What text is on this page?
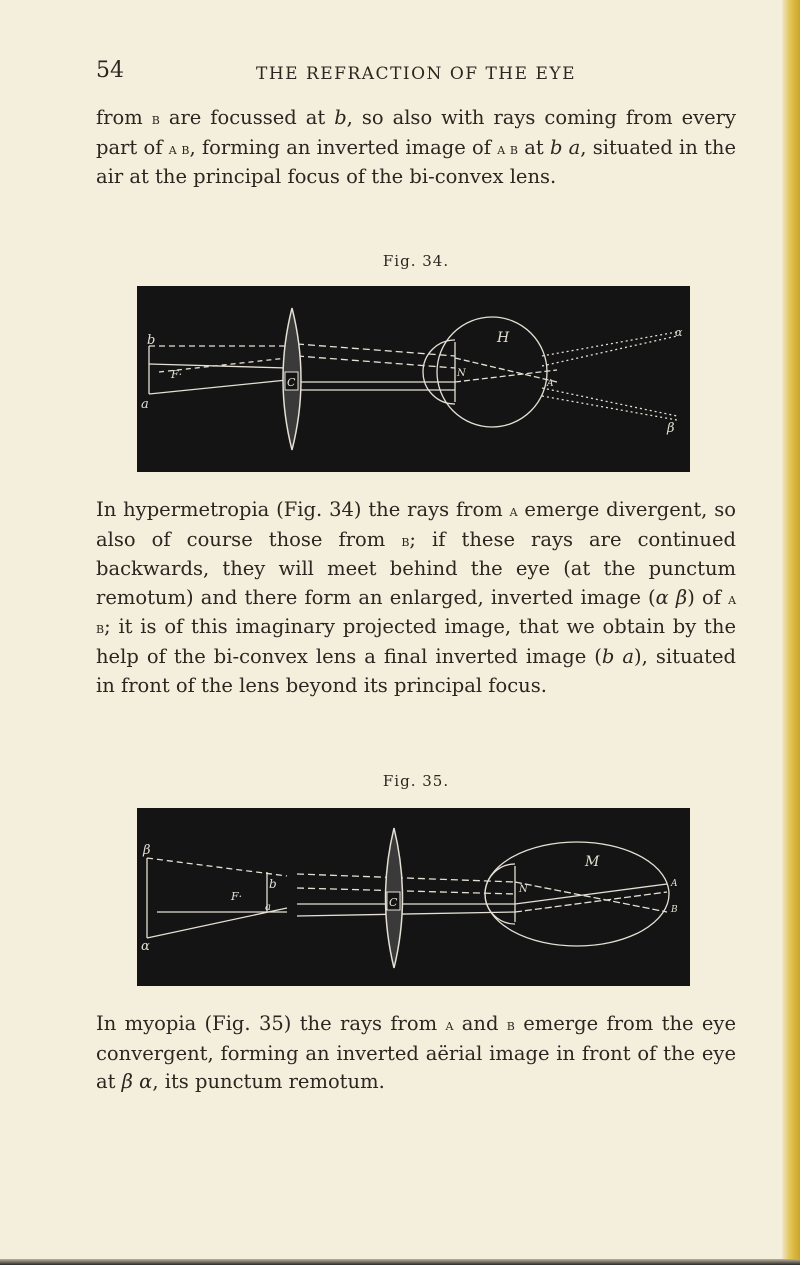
54	THE REFRACTION OF THE EYE

from b are focussed at b, so also with rays coming from every part of a b, forming an inverted image of a b at b a, situated in the air at the principal focus of the bi-convex lens.

Fig. 34.
b
F·
a
C
H
N
α
β
A

In hypermetropia (Fig. 34) the rays from a emerge divergent, so also of course those from b; if these rays are continued backwards, they will meet behind the eye (at the punctum remotum) and there form an enlarged, inverted image (α β) of a b; it is of this imaginary projected image, that we obtain by the help of the bi-convex lens a final inverted image (b a), situated in front of the lens beyond its principal focus.

Fig. 35.
β
F·
b
a
α
C
M
N	A
B

In myopia (Fig. 35) the rays from a and b emerge from the eye convergent, forming an inverted aërial image in front of the eye at β α, its punctum remotum.
